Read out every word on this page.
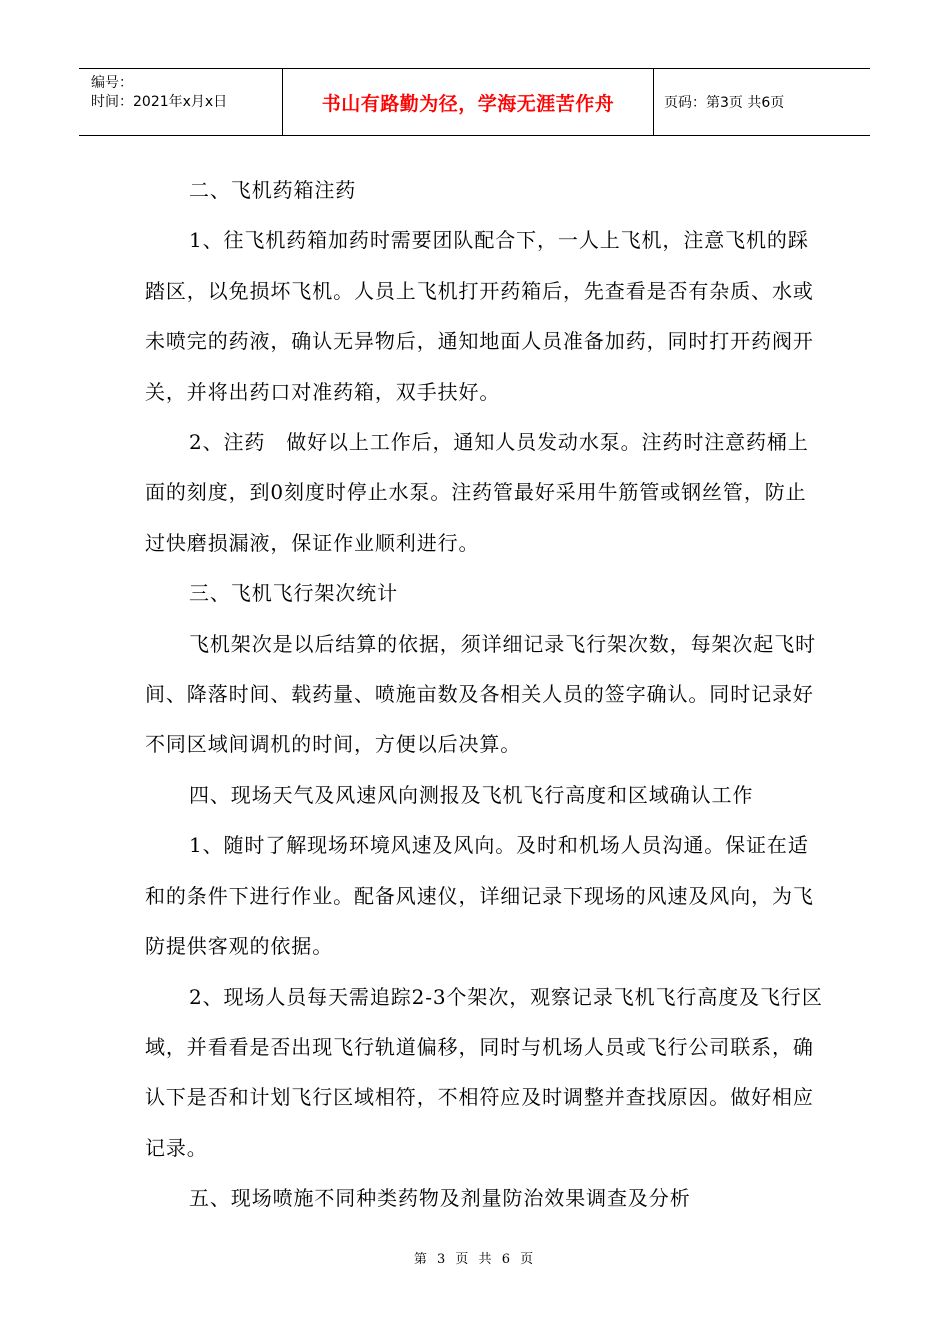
编号：
时间：2021年x月x日	书山有路勤为径，学海无涯苦作舟	页码：第3页 共6页

二、飞机药箱注药

1、往飞机药箱加药时需要团队配合下，一人上飞机，注意飞机的踩踏区，以免损坏飞机。人员上飞机打开药箱后，先查看是否有杂质、水或未喷完的药液，确认无异物后，通知地面人员准备加药，同时打开药阀开关，并将出药口对准药箱，双手扶好。

2、注药　做好以上工作后，通知人员发动水泵。注药时注意药桶上面的刻度，到0刻度时停止水泵。注药管最好采用牛筋管或钢丝管，防止过快磨损漏液，保证作业顺利进行。

三、飞机飞行架次统计

飞机架次是以后结算的依据，须详细记录飞行架次数，每架次起飞时间、降落时间、载药量、喷施亩数及各相关人员的签字确认。同时记录好不同区域间调机的时间，方便以后决算。

四、现场天气及风速风向测报及飞机飞行高度和区域确认工作

1、随时了解现场环境风速及风向。及时和机场人员沟通。保证在适和的条件下进行作业。配备风速仪，详细记录下现场的风速及风向，为飞防提供客观的依据。

2、现场人员每天需追踪2-3个架次，观察记录飞机飞行高度及飞行区域，并看看是否出现飞行轨道偏移，同时与机场人员或飞行公司联系，确认下是否和计划飞行区域相符，不相符应及时调整并查找原因。做好相应记录。

五、现场喷施不同种类药物及剂量防治效果调查及分析

第 3 页 共 6 页
